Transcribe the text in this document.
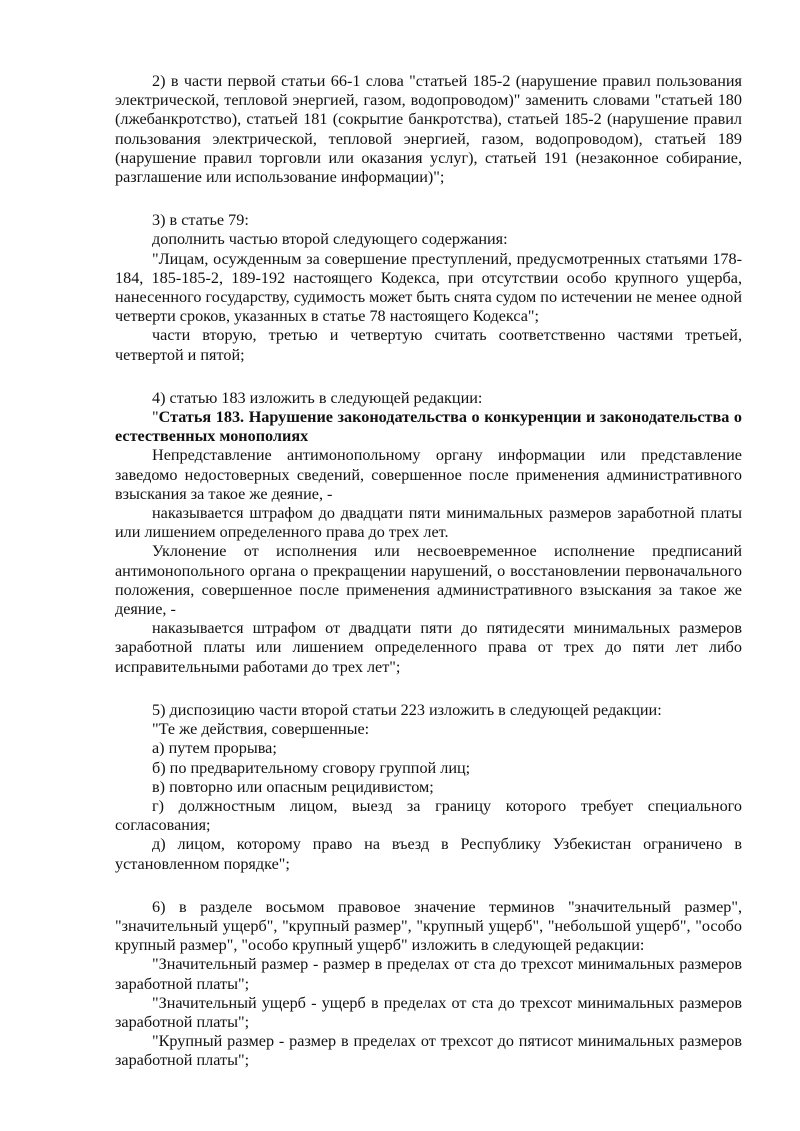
2) в части первой статьи 66-1 слова "статьей 185-2 (нарушение правил пользования электрической, тепловой энергией, газом, водопроводом)" заменить словами "статьей 180 (лжебанкротство), статьей 181 (сокрытие банкротства), статьей 185-2 (нарушение правил пользования электрической, тепловой энергией, газом, водопроводом), статьей 189 (нарушение правил торговли или оказания услуг), статьей 191 (незаконное собирание, разглашение или использование информации)";

3) в статье 79:

дополнить частью второй следующего содержания:

"Лицам, осужденным за совершение преступлений, предусмотренных статьями 178-184, 185-185-2, 189-192 настоящего Кодекса, при отсутствии особо крупного ущерба, нанесенного государству, судимость может быть снята судом по истечении не менее одной четверти сроков, указанных в статье 78 настоящего Кодекса";

части вторую, третью и четвертую считать соответственно частями третьей, четвертой и пятой;

4) статью 183 изложить в следующей редакции:

"Статья 183. Нарушение законодательства о конкуренции и законодательства о естественных монополиях

Непредставление антимонопольному органу информации или представление заведомо недостоверных сведений, совершенное после применения административного взыскания за такое же деяние, -

наказывается штрафом до двадцати пяти минимальных размеров заработной платы или лишением определенного права до трех лет.

Уклонение от исполнения или несвоевременное исполнение предписаний антимонопольного органа о прекращении нарушений, о восстановлении первоначального положения, совершенное после применения административного взыскания за такое же деяние, -

наказывается штрафом от двадцати пяти до пятидесяти минимальных размеров заработной платы или лишением определенного права от трех до пяти лет либо исправительными работами до трех лет";

5) диспозицию части второй статьи 223 изложить в следующей редакции:

"Те же действия, совершенные:

а) путем прорыва;

б) по предварительному сговору группой лиц;

в) повторно или опасным рецидивистом;

г) должностным лицом, выезд за границу которого требует специального согласования;

д) лицом, которому право на въезд в Республику Узбекистан ограничено в установленном порядке";

6) в разделе восьмом правовое значение терминов "значительный размер", "значительный ущерб", "крупный размер", "крупный ущерб", "небольшой ущерб", "особо крупный размер", "особо крупный ущерб" изложить в следующей редакции:

"Значительный размер - размер в пределах от ста до трехсот минимальных размеров заработной платы";

"Значительный ущерб - ущерб в пределах от ста до трехсот минимальных размеров заработной платы";

"Крупный размер - размер в пределах от трехсот до пятисот минимальных размеров заработной платы";
